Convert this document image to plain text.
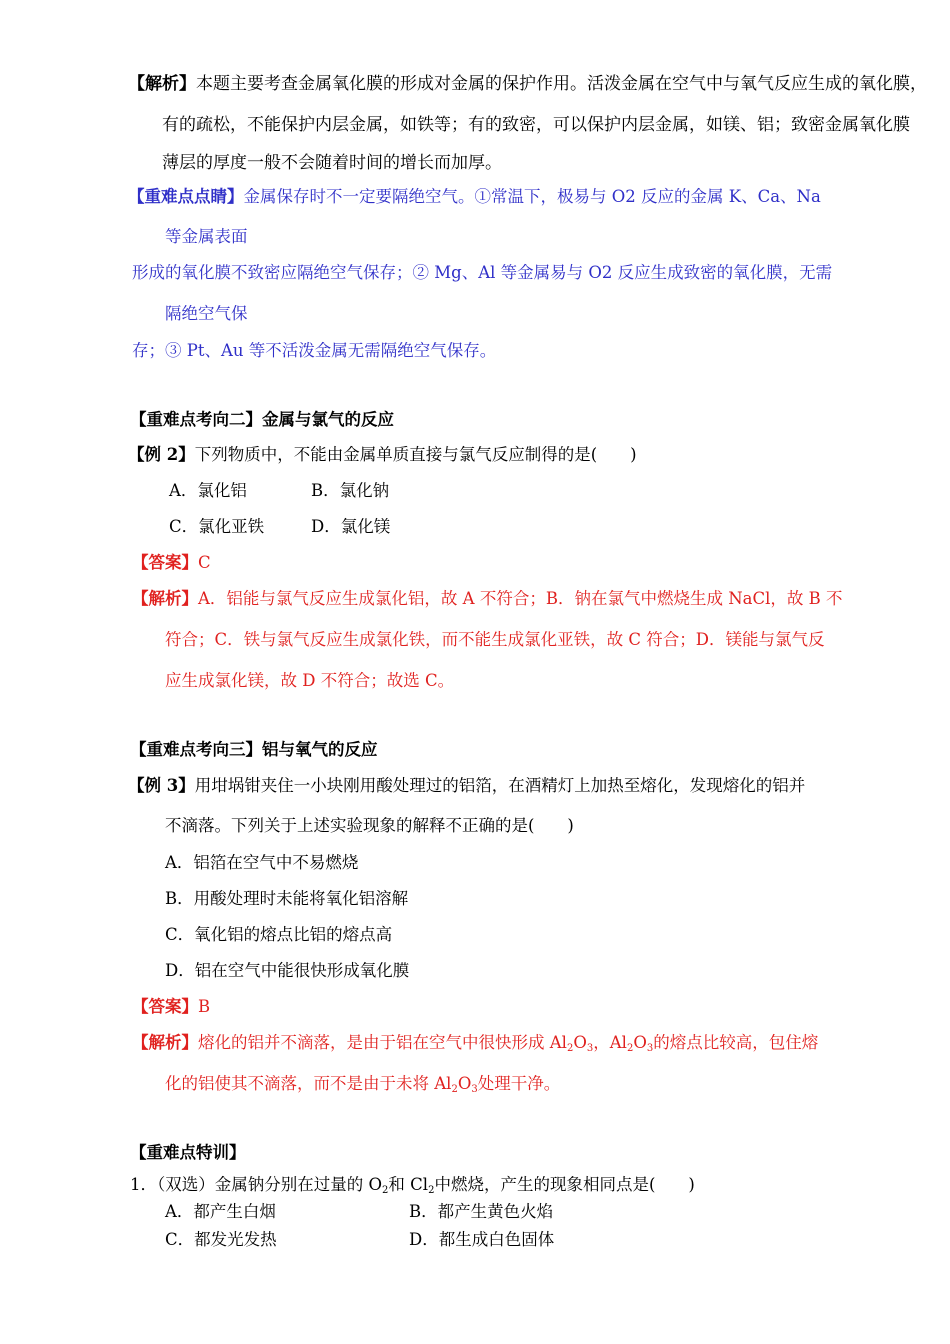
【解析】本题主要考查金属氧化膜的形成对金属的保护作用。活泼金属在空气中与氧气反应生成的氧化膜，
有的疏松，不能保护内层金属，如铁等；有的致密，可以保护内层金属，如镁、铝；致密金属氧化膜
薄层的厚度一般不会随着时间的增长而加厚。
【重难点点睛】金属保存时不一定要隔绝空气。①常温下，极易与 O2 反应的金属 K、Ca、Na
等金属表面
形成的氧化膜不致密应隔绝空气保存；② Mg、Al 等金属易与 O2 反应生成致密的氧化膜，无需
隔绝空气保
存；③ Pt、Au 等不活泼金属无需隔绝空气保存。
【重难点考向二】金属与氯气的反应
【例 2】下列物质中，不能由金属单质直接与氯气反应制得的是(　　)
A．氯化铝	B．氯化钠
C．氯化亚铁	D．氯化镁
【答案】C
【解析】A．铝能与氯气反应生成氯化铝，故 A 不符合；B．钠在氯气中燃烧生成 NaCl，故 B 不
符合；C．铁与氯气反应生成氯化铁，而不能生成氯化亚铁，故 C 符合；D．镁能与氯气反
应生成氯化镁，故 D 不符合；故选 C。
【重难点考向三】铝与氧气的反应
【例 3】用坩埚钳夹住一小块刚用酸处理过的铝箔，在酒精灯上加热至熔化，发现熔化的铝并
不滴落。下列关于上述实验现象的解释不正确的是(　　)
A．铝箔在空气中不易燃烧
B．用酸处理时未能将氧化铝溶解
C．氧化铝的熔点比铝的熔点高
D．铝在空气中能很快形成氧化膜
【答案】B
【解析】熔化的铝并不滴落，是由于铝在空气中很快形成 $Al_2O_3$，$Al_2O_3$的熔点比较高，包住熔
化的铝使其不滴落，而不是由于未将 $Al_2O_3$处理干净。
【重难点特训】
1．（双选）金属钠分别在过量的 $O_2$和 $Cl_2$中燃烧，产生的现象相同点是(　　)
A．都产生白烟	B．都产生黄色火焰
C．都发光发热	D．都生成白色固体
